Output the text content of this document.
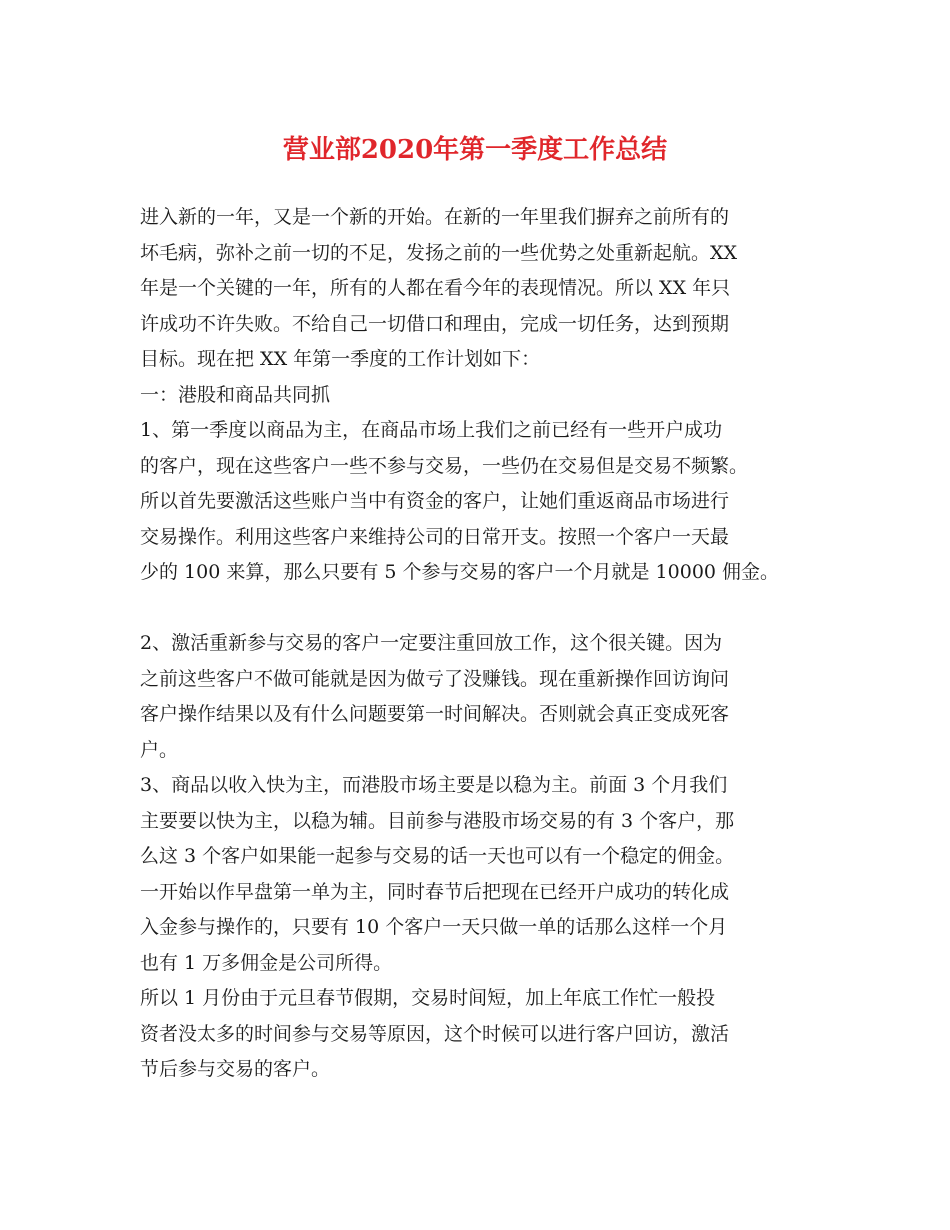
营业部2020年第一季度工作总结
进入新的一年，又是一个新的开始。在新的一年里我们摒弃之前所有的
坏毛病，弥补之前一切的不足，发扬之前的一些优势之处重新起航。XX
年是一个关键的一年，所有的人都在看今年的表现情况。所以 XX 年只
许成功不许失败。不给自己一切借口和理由，完成一切任务，达到预期
目标。现在把 XX 年第一季度的工作计划如下：
一：港股和商品共同抓
1、第一季度以商品为主，在商品市场上我们之前已经有一些开户成功
的客户，现在这些客户一些不参与交易，一些仍在交易但是交易不频繁。
所以首先要激活这些账户当中有资金的客户，让她们重返商品市场进行
交易操作。利用这些客户来维持公司的日常开支。按照一个客户一天最
少的 100 来算，那么只要有 5 个参与交易的客户一个月就是 10000 佣金。
2、激活重新参与交易的客户一定要注重回放工作，这个很关键。因为
之前这些客户不做可能就是因为做亏了没赚钱。现在重新操作回访询问
客户操作结果以及有什么问题要第一时间解决。否则就会真正变成死客
户。
3、商品以收入快为主，而港股市场主要是以稳为主。前面 3 个月我们
主要要以快为主，以稳为辅。目前参与港股市场交易的有 3 个客户，那
么这 3 个客户如果能一起参与交易的话一天也可以有一个稳定的佣金。
一开始以作早盘第一单为主，同时春节后把现在已经开户成功的转化成
入金参与操作的，只要有 10 个客户一天只做一单的话那么这样一个月
也有 1 万多佣金是公司所得。
所以 1 月份由于元旦春节假期，交易时间短，加上年底工作忙一般投
资者没太多的时间参与交易等原因，这个时候可以进行客户回访，激活
节后参与交易的客户。
